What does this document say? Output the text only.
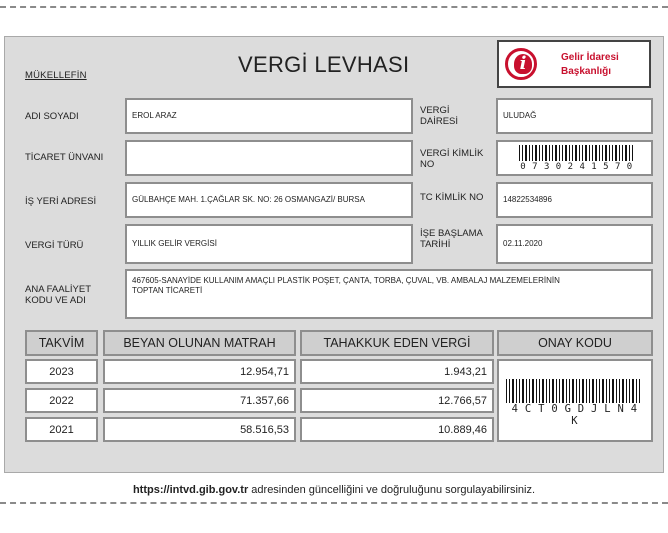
MÜKELLEFİN	VERGİ LEVHASI	i	Gelir İdaresi
Başkanlığı
ADI SOYADI	EROL ARAZ
TİCARET ÜNVANI
İŞ YERİ ADRESİ	GÜLBAHÇE MAH. 1.ÇAĞLAR SK. NO: 26 OSMANGAZİ/ BURSA
VERGİ TÜRÜ	YILLIK GELİR VERGİSİ
ANA FAALİYET
KODU VE ADI
467605-SANAYİDE KULLANIM AMAÇLI PLASTİK POŞET, ÇANTA, TORBA, ÇUVAL, VB. AMBALAJ MALZEMELERİNİN
TOPTAN TİCARETİ
VERGİ
DAİRESİ
ULUDAĞ
VERGİ KİMLİK
NO	0 7 3 0 2 4 1 5 7 0
TC KİMLİK NO 14822534896
İŞE BAŞLAMA
TARİHİ	02.11.2020
TAKVİM	BEYAN OLUNAN MATRAH	TAHAKKUK EDEN VERGİ	ONAY KODU
2023	12.954,71	1.943,21
2022	71.357,66	12.766,57
2021	58.516,53	10.889,46
4 C T 0 G D J L N 4 K
https://intvd.gib.gov.tr adresinden güncelliğini ve doğruluğunu sorgulayabilirsiniz.
